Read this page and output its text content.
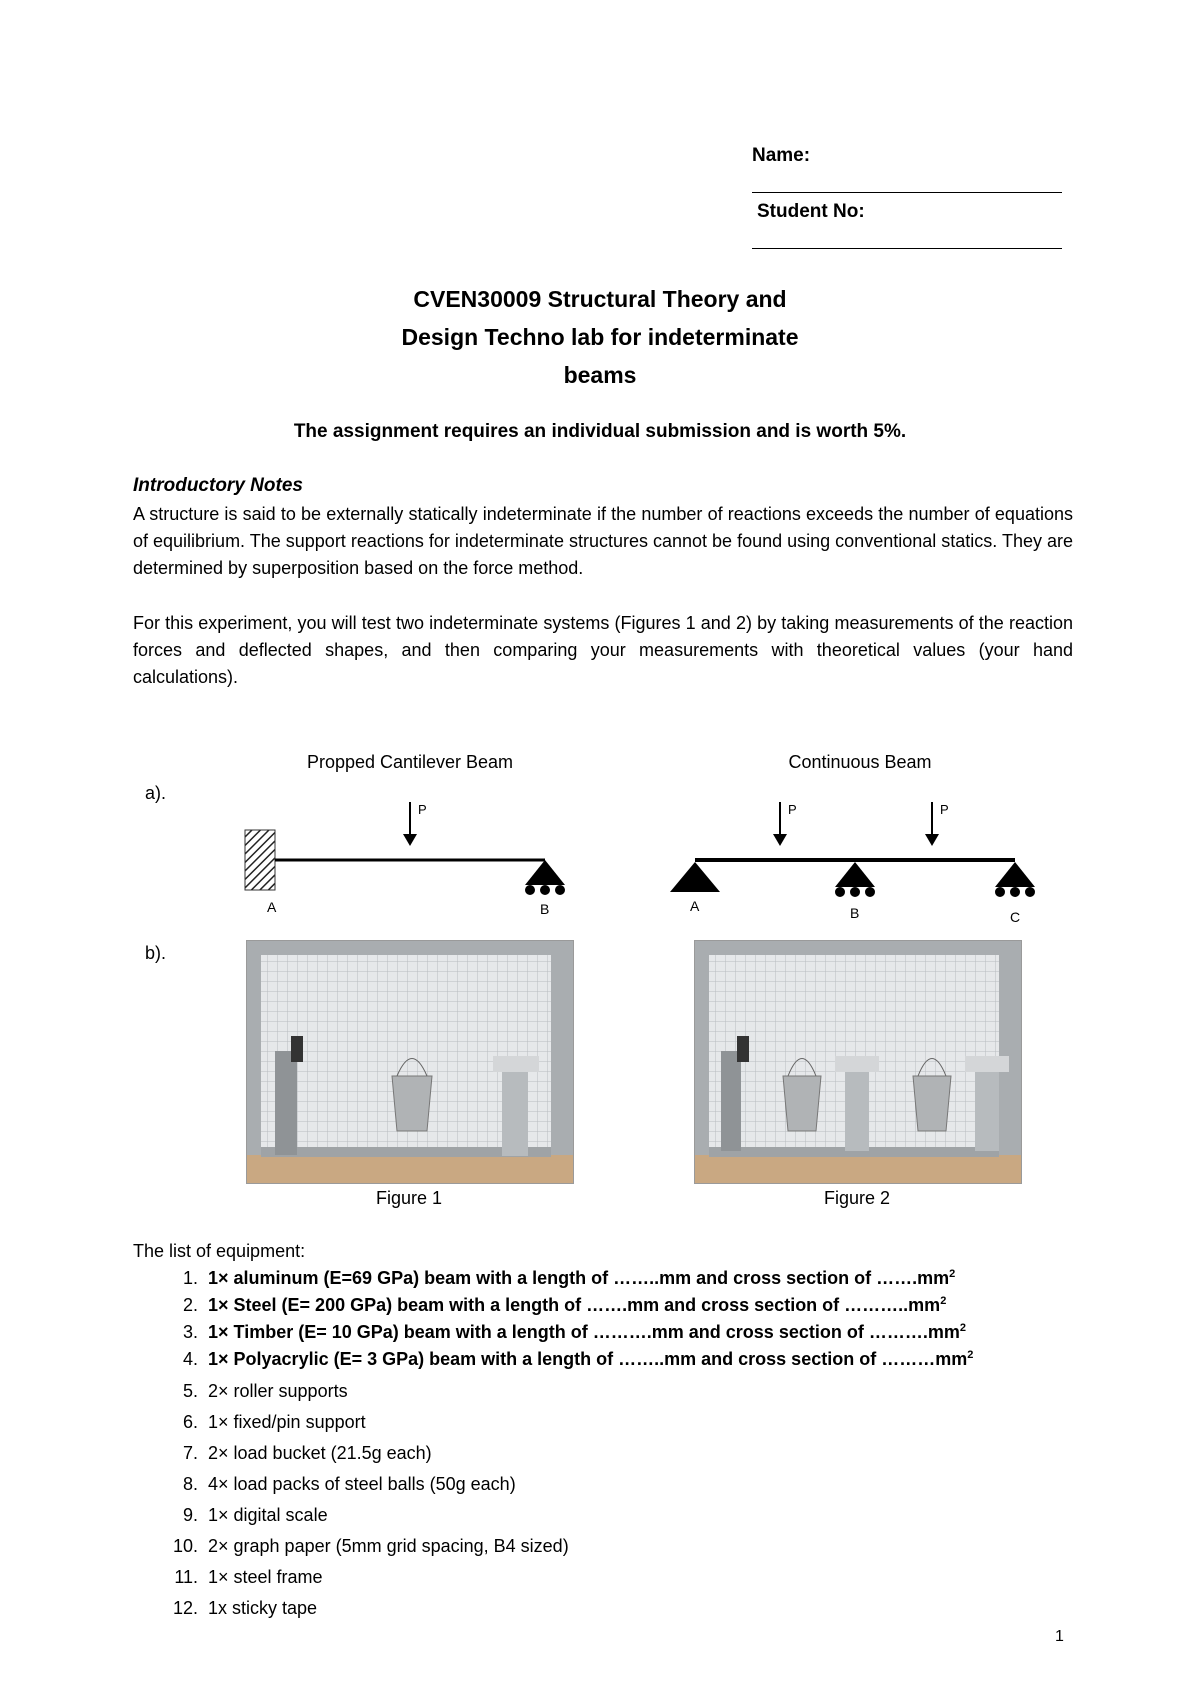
Name:
Student No:
CVEN30009 Structural Theory and
Design Techno lab for indeterminate
beams
The assignment requires an individual submission and is worth 5%.
Introductory Notes
A structure is said to be externally statically indeterminate if the number of reactions exceeds the number of equations of equilibrium. The support reactions for indeterminate structures cannot be found using conventional statics. They are determined by superposition based on the force method.
For this experiment, you will test two indeterminate systems (Figures 1 and 2) by taking measurements of the reaction forces and deflected shapes, and then comparing your measurements with theoretical values (your hand calculations).
Propped Cantilever Beam	Continuous Beam
a).
b).
P
A	B
P	P
A	B	C
Figure 1	Figure 2
The list of equipment:
1. 1× aluminum (E=69 GPa) beam with a length of ……..mm and cross section of $\dots\dots.mm^2$
2. 1× Steel (E= 200 GPa) beam with a length of …….mm and cross section of $\dots\dots\dots..mm^2$
3. 1× Timber (E= 10 GPa) beam with a length of ……….mm and cross section of $\dots\dots\dots.mm^2$
4. 1× Polyacrylic (E= 3 GPa) beam with a length of ……..mm and cross section of $\dots\dots\dots mm^2$
5. 2× roller supports
6. 1× fixed/pin support
7. 2× load bucket (21.5g each)
8. 4× load packs of steel balls (50g each)
9. 1× digital scale
10. 2× graph paper (5mm grid spacing, B4 sized)
11. 1× steel frame
12. 1x sticky tape
1
